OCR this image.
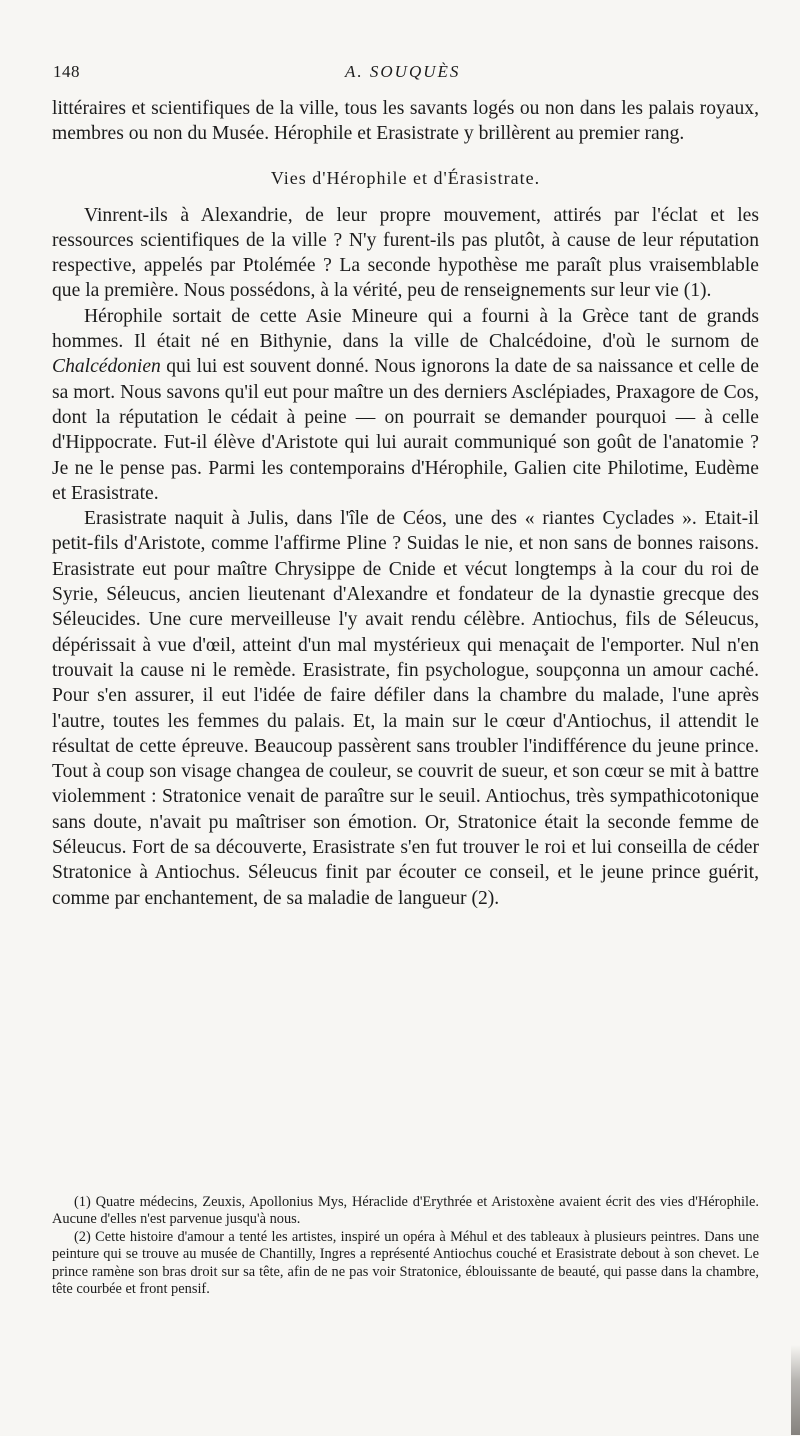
148	A. SOUQUÈS

littéraires et scientifiques de la ville, tous les savants logés ou non dans les palais royaux, membres ou non du Musée. Hérophile et Erasistrate y brillèrent au premier rang.

Vies d'Hérophile et d'Érasistrate.

Vinrent-ils à Alexandrie, de leur propre mouvement, attirés par l'éclat et les ressources scientifiques de la ville ? N'y furent-ils pas plutôt, à cause de leur réputation respective, appelés par Ptolémée ? La seconde hypothèse me paraît plus vraisemblable que la première. Nous possédons, à la vérité, peu de renseignements sur leur vie (1).

Hérophile sortait de cette Asie Mineure qui a fourni à la Grèce tant de grands hommes. Il était né en Bithynie, dans la ville de Chalcédoine, d'où le surnom de Chalcédonien qui lui est souvent donné. Nous ignorons la date de sa naissance et celle de sa mort. Nous savons qu'il eut pour maître un des derniers Asclépiades, Praxagore de Cos, dont la réputation le cédait à peine — on pourrait se demander pourquoi — à celle d'Hippocrate. Fut-il élève d'Aristote qui lui aurait communiqué son goût de l'anatomie ? Je ne le pense pas. Parmi les contemporains d'Hérophile, Galien cite Philotime, Eudème et Erasistrate.

Erasistrate naquit à Julis, dans l'île de Céos, une des « riantes Cyclades ». Etait-il petit-fils d'Aristote, comme l'affirme Pline ? Suidas le nie, et non sans de bonnes raisons. Erasistrate eut pour maître Chrysippe de Cnide et vécut longtemps à la cour du roi de Syrie, Séleucus, ancien lieutenant d'Alexandre et fondateur de la dynastie grecque des Séleucides. Une cure merveilleuse l'y avait rendu célèbre. Antiochus, fils de Séleucus, dépérissait à vue d'œil, atteint d'un mal mystérieux qui menaçait de l'emporter. Nul n'en trouvait la cause ni le remède. Erasistrate, fin psychologue, soupçonna un amour caché. Pour s'en assurer, il eut l'idée de faire défiler dans la chambre du malade, l'une après l'autre, toutes les femmes du palais. Et, la main sur le cœur d'Antiochus, il attendit le résultat de cette épreuve. Beaucoup passèrent sans troubler l'indifférence du jeune prince. Tout à coup son visage changea de couleur, se couvrit de sueur, et son cœur se mit à battre violemment : Stratonice venait de paraître sur le seuil. Antiochus, très sympathicotonique sans doute, n'avait pu maîtriser son émotion. Or, Stratonice était la seconde femme de Séleucus. Fort de sa découverte, Erasistrate s'en fut trouver le roi et lui conseilla de céder Stratonice à Antiochus. Séleucus finit par écouter ce conseil, et le jeune prince guérit, comme par enchantement, de sa maladie de langueur (2).

(1) Quatre médecins, Zeuxis, Apollonius Mys, Héraclide d'Erythrée et Aristoxène avaient écrit des vies d'Hérophile. Aucune d'elles n'est parvenue jusqu'à nous.

(2) Cette histoire d'amour a tenté les artistes, inspiré un opéra à Méhul et des tableaux à plusieurs peintres. Dans une peinture qui se trouve au musée de Chantilly, Ingres a représenté Antiochus couché et Erasistrate debout à son chevet. Le prince ramène son bras droit sur sa tête, afin de ne pas voir Stratonice, éblouissante de beauté, qui passe dans la chambre, tête courbée et front pensif.
